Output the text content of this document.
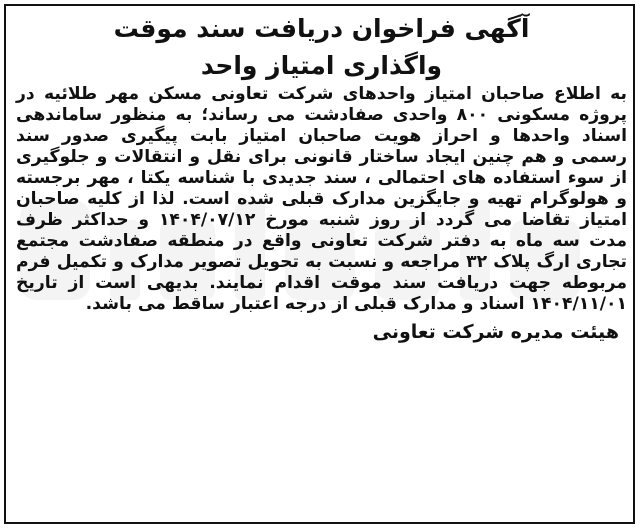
آگهی فراخوان دریافت سند موقت
واگذاری امتیاز واحد

به اطلاع صاحبان امتیاز واحدهای شرکت تعاونی مسکن مهر طلائیه در پروژه مسکونی ۸۰۰ واحدی صفادشت می رساند؛ به منظور ساماندهی اسناد واحدها و احراز هویت صاحبان امتیاز بابت پیگیری صدور سند رسمی و هم چنین ایجاد ساختار قانونی برای نقل و انتقالات و جلوگیری از سوء استفاده های احتمالی ، سند جدیدی با شناسه یکتا ، مهر برجسته و هولوگرام تهیه و جایگزین مدارک قبلی شده است. لذا از کلیه صاحبان امتیاز تقاضا می گردد از روز شنبه مورخ ۱۴۰۴/۰۷/۱۲ و حداکثر ظرف مدت سه ماه به دفتر شرکت تعاونی واقع در منطقه صفادشت مجتمع تجاری ارگ پلاک ۳۲ مراجعه و نسبت به تحویل تصویر مدارک و تکمیل فرم مربوطه جهت دریافت سند موقت اقدام نمایند. بدیهی است از تاریخ ۱۴۰۴/۱۱/۰۱ اسناد و مدارک قبلی از درجه اعتبار ساقط می باشد.

هیئت مدیره شرکت تعاونی
